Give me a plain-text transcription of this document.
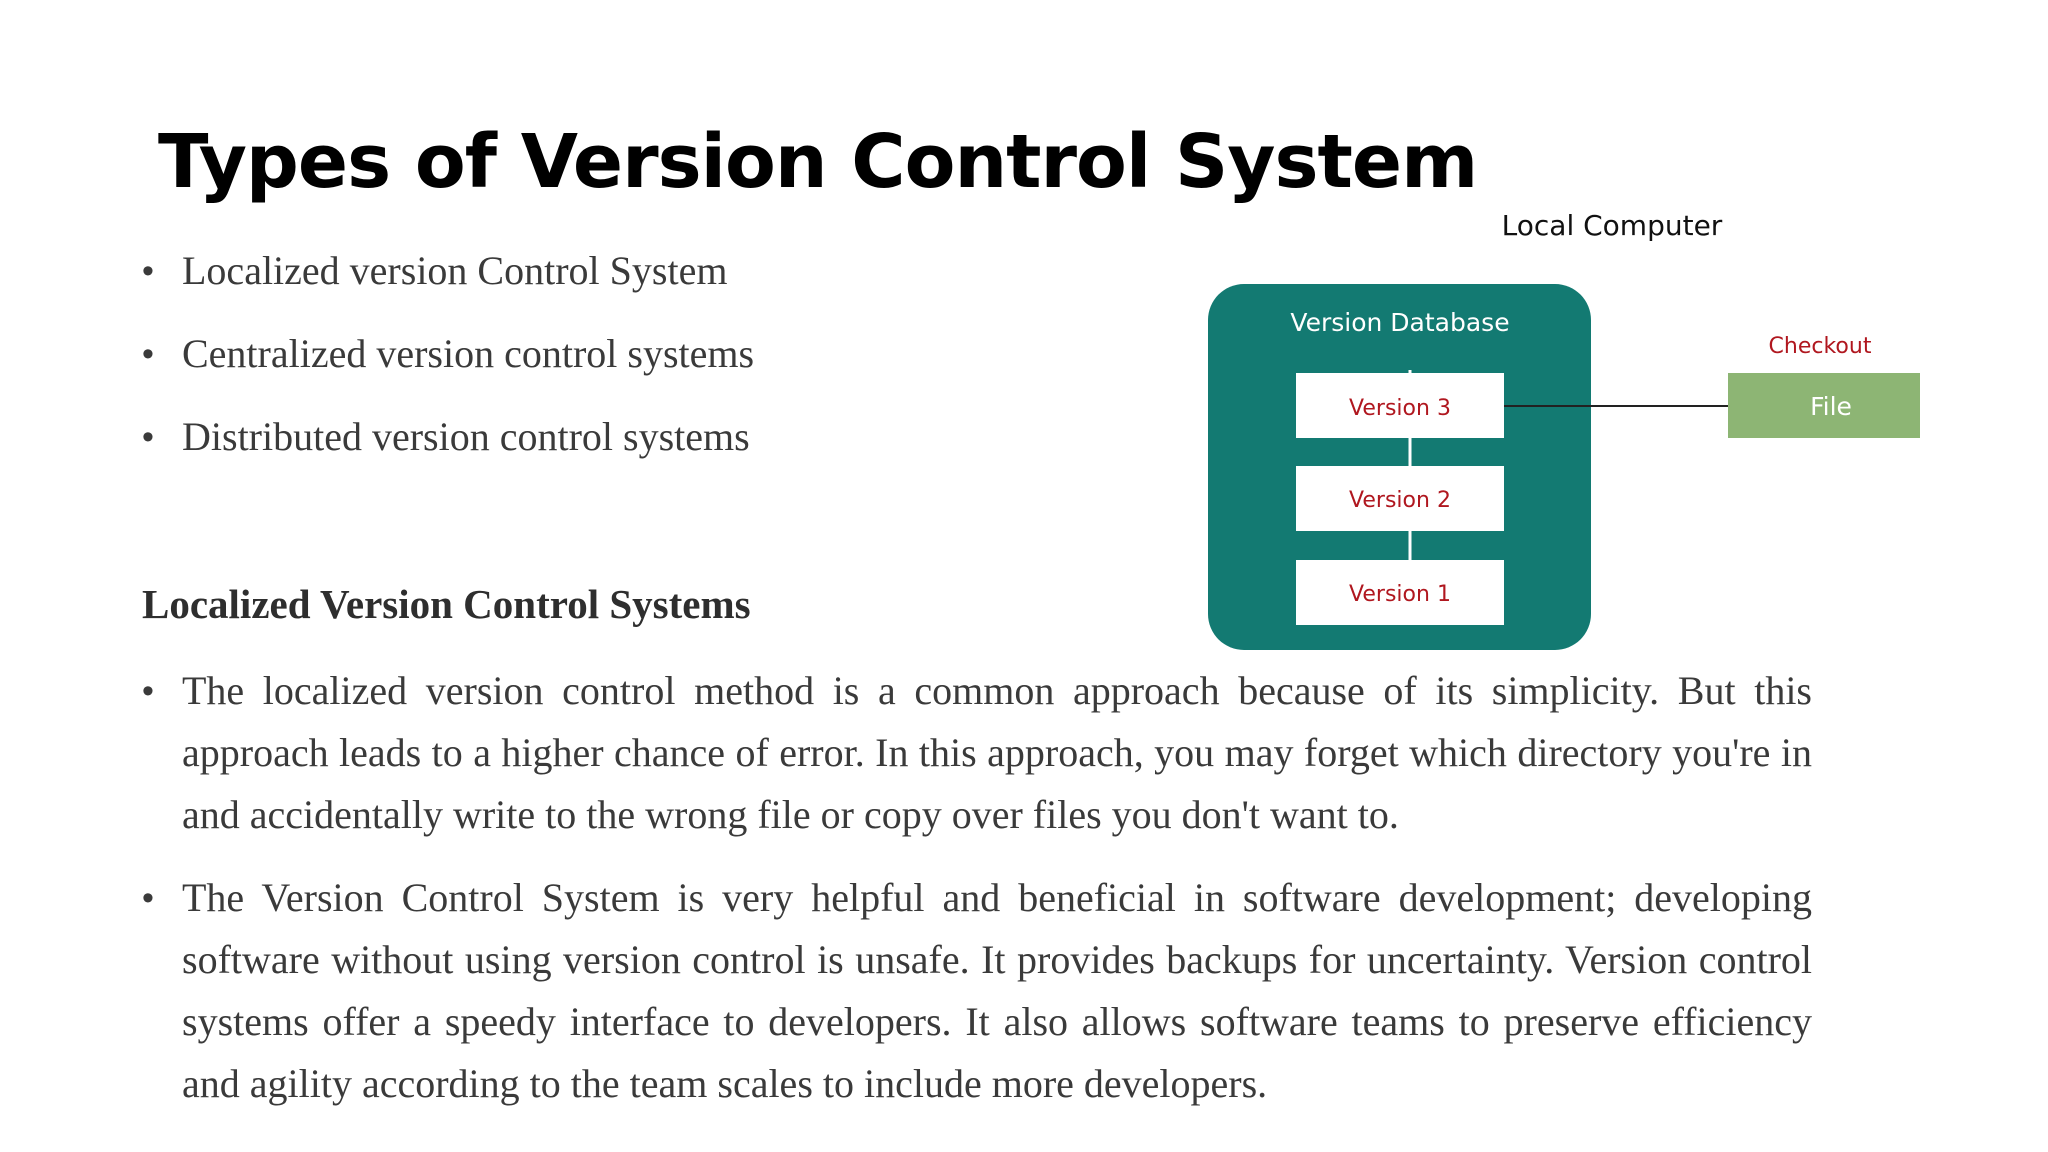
Types of Version Control System
• Localized version Control System
• Centralized version control systems
• Distributed version control systems
Localized Version Control Systems
• The localized version control method is a common approach because of its simplicity. But this approach leads to a higher chance of error. In this approach, you may forget which directory you're in and accidentally write to the wrong file or copy over files you don't want to.
• The Version Control System is very helpful and beneficial in software development; developing software without using version control is unsafe. It provides backups for uncertainty. Version control systems offer a speedy interface to developers. It also allows software teams to preserve efficiency and agility according to the team scales to include more developers.
Local Computer
Version Database
Version 3
Version 2
Version 1
Checkout
File
